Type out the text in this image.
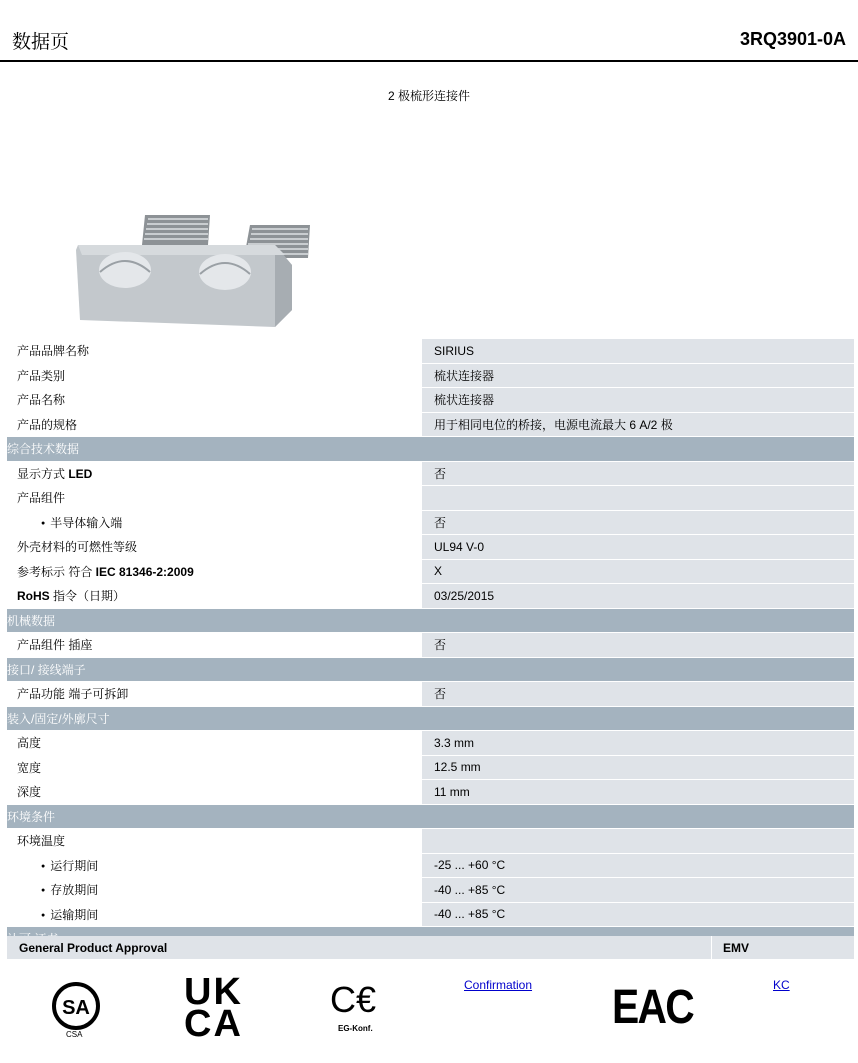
数据页	3RQ3901-0A
2 极梳形连接件
产品品牌名称	SIRIUS
产品类别	梳状连接器
产品名称	梳状连接器
产品的规格	用于相同电位的桥接，电源电流最大 6 A/2 极
综合技术数据	
显示方式 LED	否
产品组件	
● 半导体输入端	否
外壳材料的可燃性等级	UL94 V-0
参考标示 符合 IEC 81346-2:2009	X
RoHS 指令（日期）	03/25/2015
机械数据	
产品组件 插座	否
接口/ 接线端子	
产品功能 端子可拆卸	否
装入/固定/外廓尺寸	
高度	3.3 mm
宽度	12.5 mm
深度	11 mm
环境条件	
环境温度	
● 运行期间	-25 ... +60 °C
● 存放期间	-40 ... +85 °C
● 运输期间	-40 ... +85 °C

General Product Approval	EMV
SA
CSA
UK
CA
C€
EG-Konf.
Confirmation EAC	KC
